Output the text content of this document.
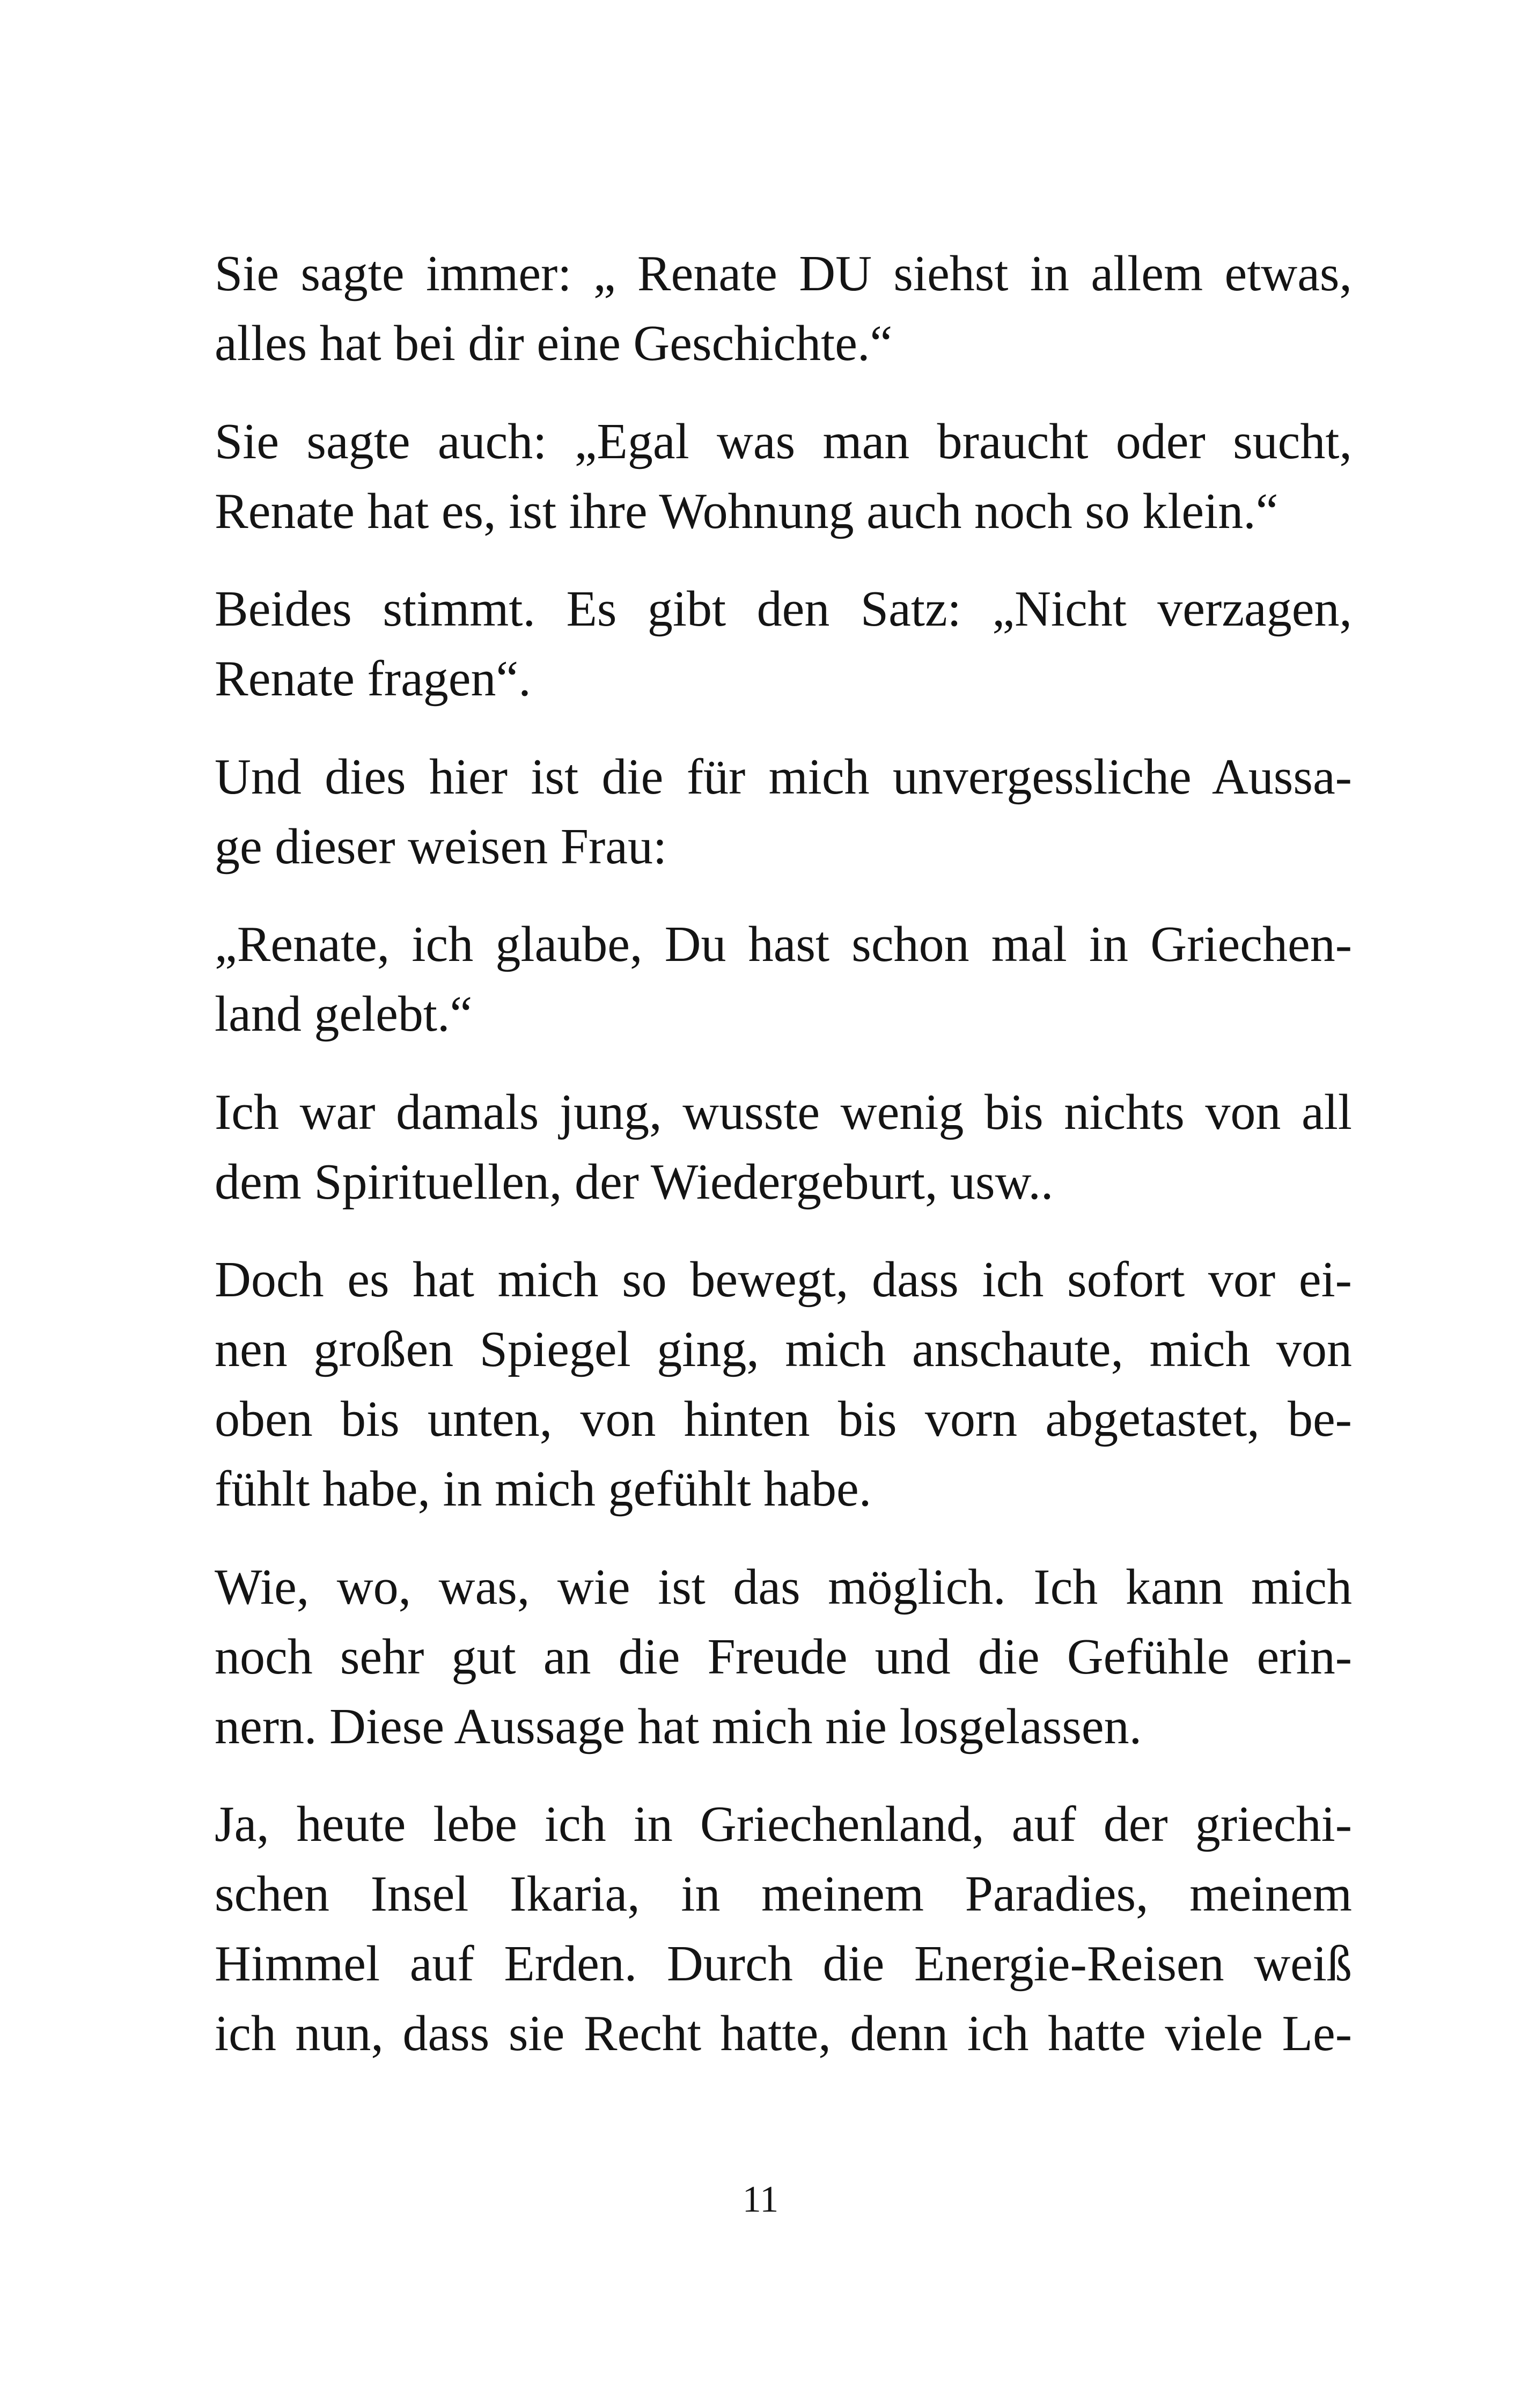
Sie sagte immer: „ Renate DU siehst in allem etwas,
alles hat bei dir eine Geschichte.“
Sie sagte auch: „Egal was man braucht oder sucht,
Renate hat es, ist ihre Wohnung auch noch so klein.“
Beides stimmt. Es gibt den Satz: „Nicht verzagen,
Renate fragen“.
Und dies hier ist die für mich unvergessliche Aussa-
ge dieser weisen Frau:
„Renate, ich glaube, Du hast schon mal in Griechen-
land gelebt.“
Ich war damals jung, wusste wenig bis nichts von all
dem Spirituellen, der Wiedergeburt, usw..
Doch es hat mich so bewegt, dass ich sofort vor ei-
nen großen Spiegel ging, mich anschaute, mich von
oben bis unten, von hinten bis vorn abgetastet, be-
fühlt habe, in mich gefühlt habe.
Wie, wo, was, wie ist das möglich. Ich kann mich
noch sehr gut an die Freude und die Gefühle erin-
nern. Diese Aussage hat mich nie losgelassen.
Ja, heute lebe ich in Griechenland, auf der griechi-
schen Insel Ikaria, in meinem Paradies, meinem
Himmel auf Erden. Durch die Energie-Reisen weiß
ich nun, dass sie Recht hatte, denn ich hatte viele Le-
11
